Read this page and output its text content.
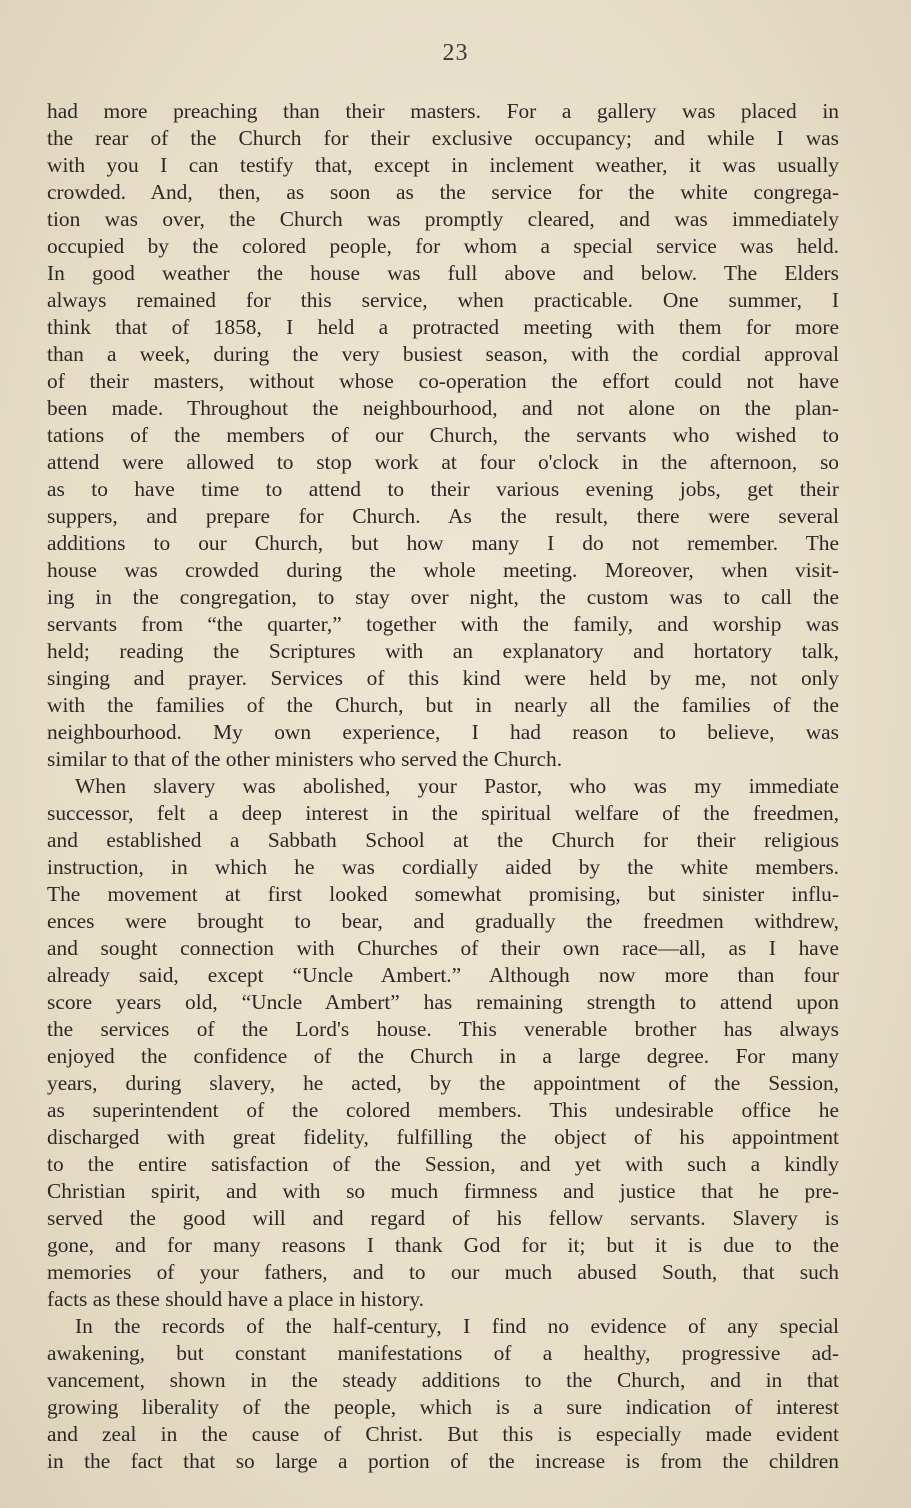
23
had more preaching than their masters. For a gallery was placed in
the rear of the Church for their exclusive occupancy; and while I was
with you I can testify that, except in inclement weather, it was usually
crowded. And, then, as soon as the service for the white congrega-
tion was over, the Church was promptly cleared, and was immediately
occupied by the colored people, for whom a special service was held.
In good weather the house was full above and below. The Elders
always remained for this service, when practicable. One summer, I
think that of 1858, I held a protracted meeting with them for more
than a week, during the very busiest season, with the cordial approval
of their masters, without whose co-operation the effort could not have
been made. Throughout the neighbourhood, and not alone on the plan-
tations of the members of our Church, the servants who wished to
attend were allowed to stop work at four o'clock in the afternoon, so
as to have time to attend to their various evening jobs, get their
suppers, and prepare for Church. As the result, there were several
additions to our Church, but how many I do not remember. The
house was crowded during the whole meeting. Moreover, when visit-
ing in the congregation, to stay over night, the custom was to call the
servants from “the quarter,” together with the family, and worship was
held; reading the Scriptures with an explanatory and hortatory talk,
singing and prayer. Services of this kind were held by me, not only
with the families of the Church, but in nearly all the families of the
neighbourhood. My own experience, I had reason to believe, was
similar to that of the other ministers who served the Church.
When slavery was abolished, your Pastor, who was my immediate
successor, felt a deep interest in the spiritual welfare of the freedmen,
and established a Sabbath School at the Church for their religious
instruction, in which he was cordially aided by the white members.
The movement at first looked somewhat promising, but sinister influ-
ences were brought to bear, and gradually the freedmen withdrew,
and sought connection with Churches of their own race—all, as I have
already said, except “Uncle Ambert.” Although now more than four
score years old, “Uncle Ambert” has remaining strength to attend upon
the services of the Lord's house. This venerable brother has always
enjoyed the confidence of the Church in a large degree. For many
years, during slavery, he acted, by the appointment of the Session,
as superintendent of the colored members. This undesirable office he
discharged with great fidelity, fulfilling the object of his appointment
to the entire satisfaction of the Session, and yet with such a kindly
Christian spirit, and with so much firmness and justice that he pre-
served the good will and regard of his fellow servants. Slavery is
gone, and for many reasons I thank God for it; but it is due to the
memories of your fathers, and to our much abused South, that such
facts as these should have a place in history.
In the records of the half-century, I find no evidence of any special
awakening, but constant manifestations of a healthy, progressive ad-
vancement, shown in the steady additions to the Church, and in that
growing liberality of the people, which is a sure indication of interest
and zeal in the cause of Christ. But this is especially made evident
in the fact that so large a portion of the increase is from the children
